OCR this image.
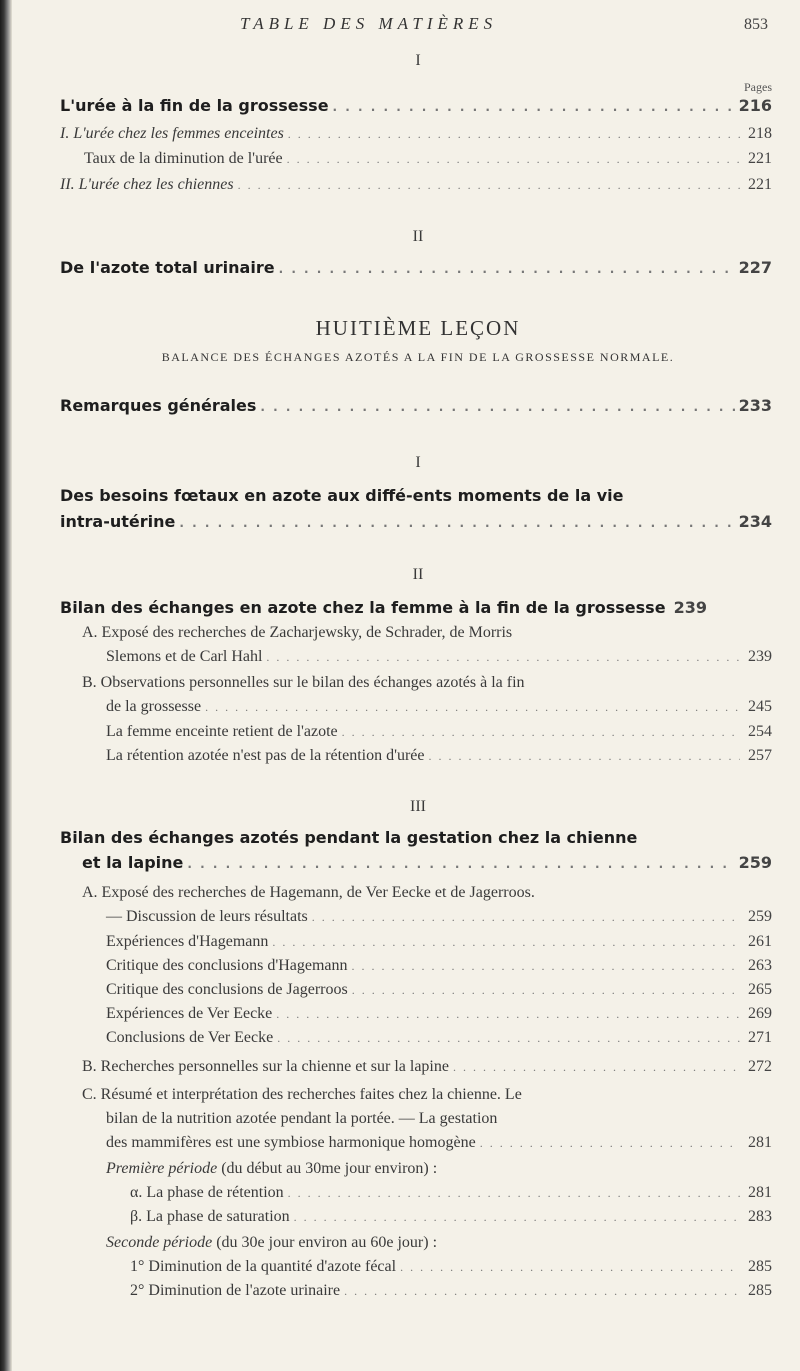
TABLE DES MATIÈRES	853
I
Pages
L'urée à la fin de la grossesse . . .	216
I. L'urée chez les femmes enceintes . . .	218
Taux de la diminution de l'urée . . .	221
II. L'urée chez les chiennes . . .	221
II
De l'azote total urinaire . . .	227
HUITIÈME LEÇON
BALANCE DES ÉCHANGES AZOTÉS A LA FIN DE LA GROSSESSE NORMALE.
Remarques générales . . .	233
I
Des besoins fœtaux en azote aux diffé‐ents moments de la vie
intra-utérine . . .	234
II
Bilan des échanges en azote chez la femme à la fin de la grossesse 239
A. Exposé des recherches de Zacharjewsky, de Schrader, de Morris
Slemons et de Carl Hahl . . .	239
B. Observations personnelles sur le bilan des échanges azotés à la fin
de la grossesse . . .	245
La femme enceinte retient de l'azote . . .	254
La rétention azotée n'est pas de la rétention d'urée . . .	257
III
Bilan des échanges azotés pendant la gestation chez la chienne
et la lapine . . .	259
A. Exposé des recherches de Hagemann, de Ver Eecke et de Jagerroos.
— Discussion de leurs résultats . . .	259
Expériences d'Hagemann . . .	261
Critique des conclusions d'Hagemann . . .	263
Critique des conclusions de Jagerroos . . .	265
Expériences de Ver Eecke . . .	269
Conclusions de Ver Eecke . . .	271
B. Recherches personnelles sur la chienne et sur la lapine . . .	272
C. Résumé et interprétation des recherches faites chez la chienne. Le
bilan de la nutrition azotée pendant la portée. — La gestation
des mammifères est une symbiose harmonique homogène . . .	281
Première période (du début au 30me jour environ) :
α. La phase de rétention . . .	281
β. La phase de saturation . . .	283
Seconde période (du 30e jour environ au 60e jour) :
1° Diminution de la quantité d'azote fécal . . .	285
2° Diminution de l'azote urinaire . . .	285
